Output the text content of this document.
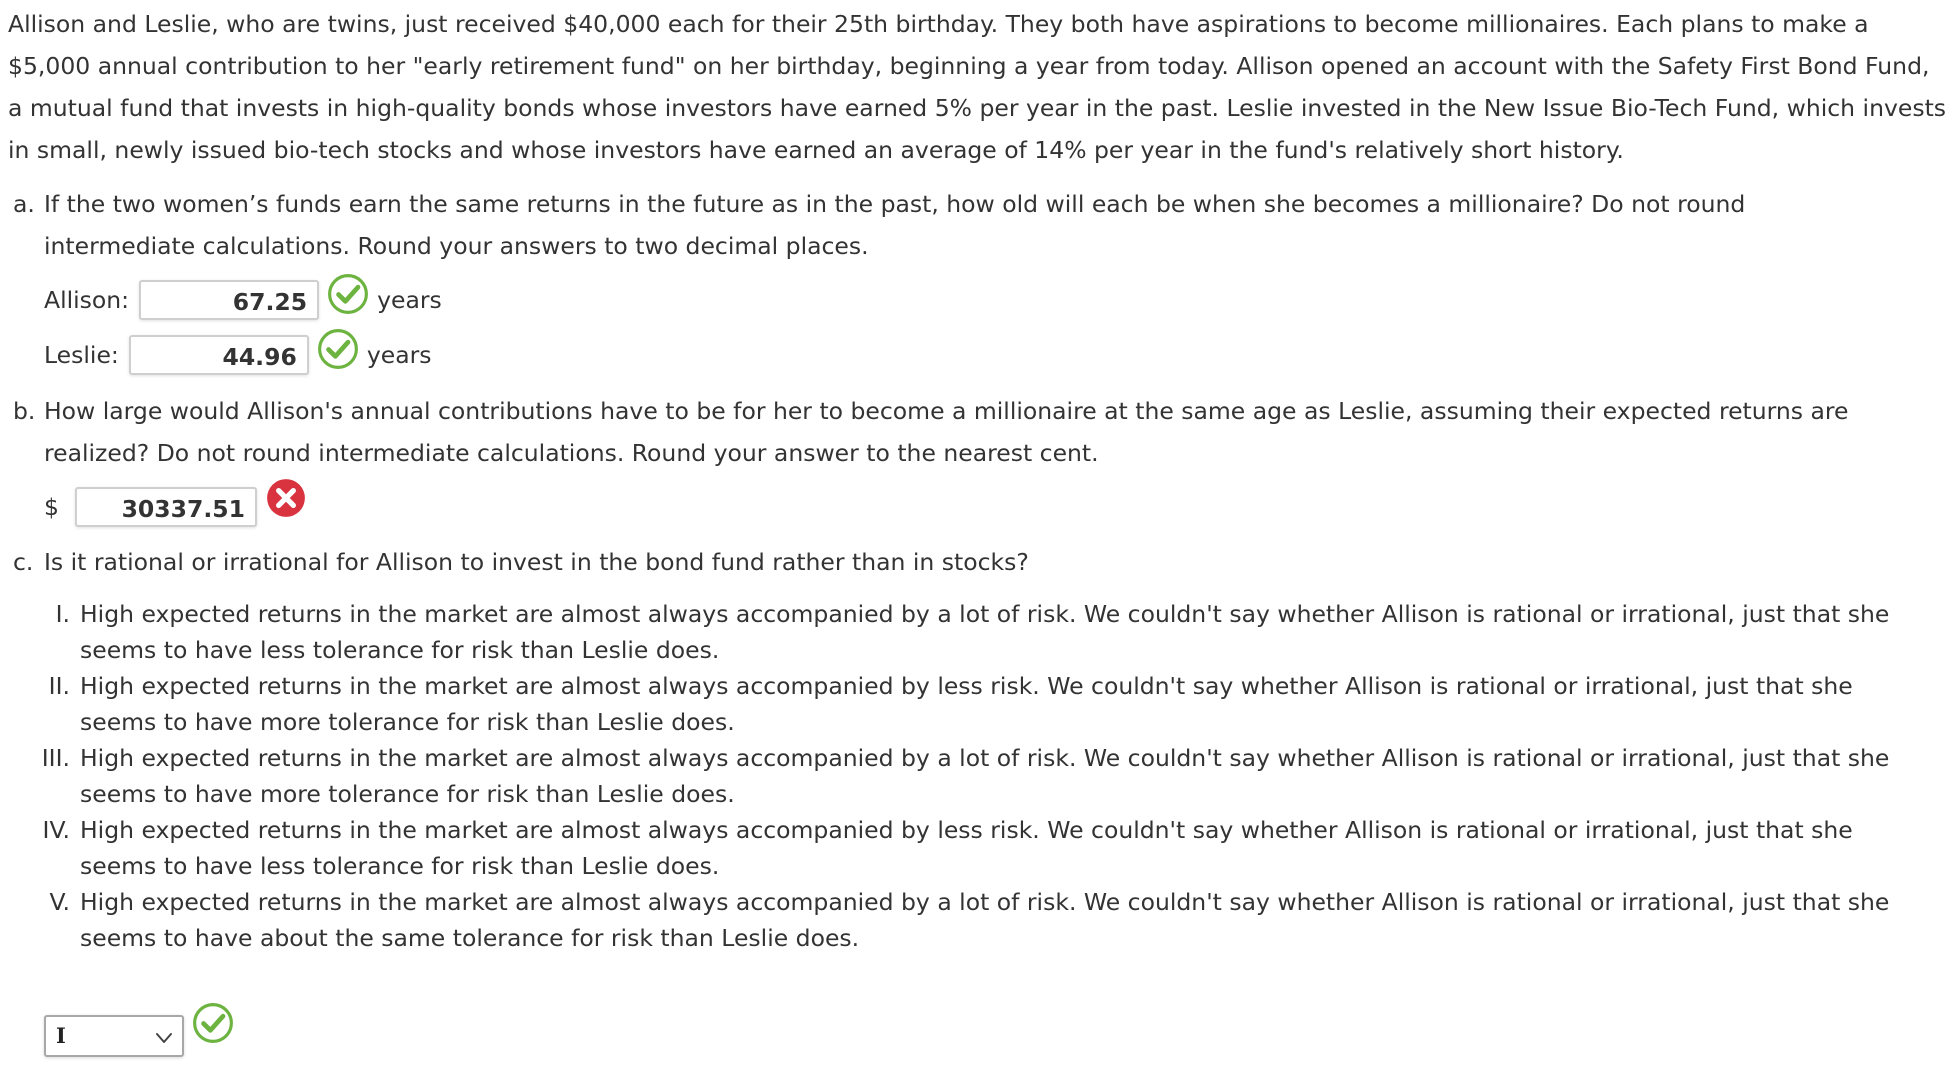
Allison and Leslie, who are twins, just received $40,000 each for their 25th birthday. They both have aspirations to become millionaires. Each plans to make a $5,000 annual contribution to her "early retirement fund" on her birthday, beginning a year from today. Allison opened an account with the Safety First Bond Fund, a mutual fund that invests in high-quality bonds whose investors have earned 5% per year in the past. Leslie invested in the New Issue Bio-Tech Fund, which invests in small, newly issued bio-tech stocks and whose investors have earned an average of 14% per year in the fund's relatively short history.

a. If the two women’s funds earn the same returns in the future as in the past, how old will each be when she becomes a millionaire? Do not round
intermediate calculations. Round your answers to two decimal places.
Allison:	67.25	years
Leslie:	44.96	years
b. How large would Allison's annual contributions have to be for her to become a millionaire at the same age as Leslie, assuming their expected returns are
realized? Do not round intermediate calculations. Round your answer to the nearest cent.
$	30337.51
c. Is it rational or irrational for Allison to invest in the bond fund rather than in stocks?
I. High expected returns in the market are almost always accompanied by a lot of risk. We couldn't say whether Allison is rational or irrational, just that she
seems to have less tolerance for risk than Leslie does.
II. High expected returns in the market are almost always accompanied by less risk. We couldn't say whether Allison is rational or irrational, just that she
seems to have more tolerance for risk than Leslie does.
III. High expected returns in the market are almost always accompanied by a lot of risk. We couldn't say whether Allison is rational or irrational, just that she
seems to have more tolerance for risk than Leslie does.
IV. High expected returns in the market are almost always accompanied by less risk. We couldn't say whether Allison is rational or irrational, just that she
seems to have less tolerance for risk than Leslie does.
V. High expected returns in the market are almost always accompanied by a lot of risk. We couldn't say whether Allison is rational or irrational, just that she
seems to have about the same tolerance for risk than Leslie does.
I
